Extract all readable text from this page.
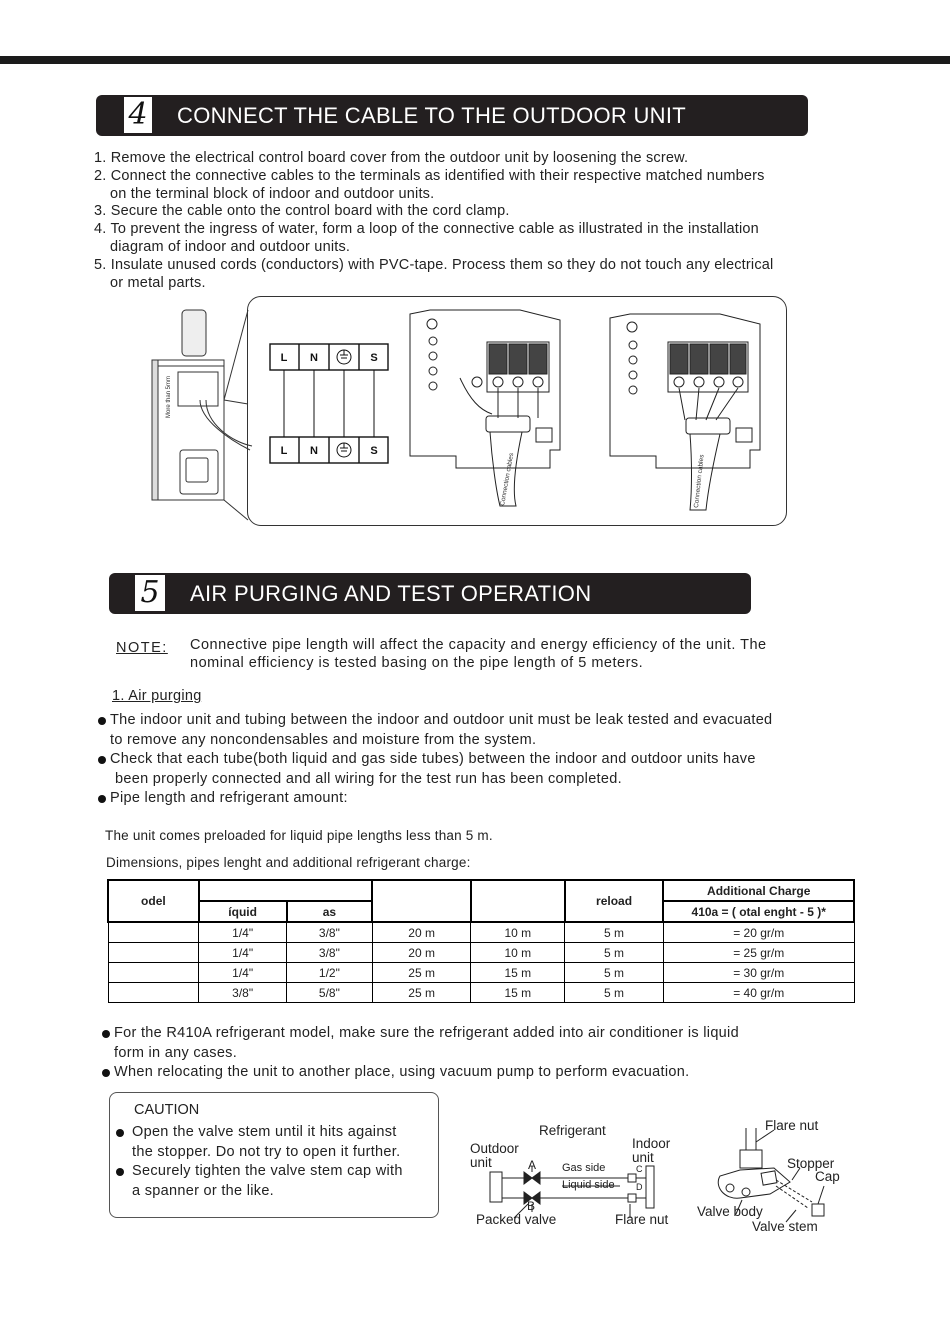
4 CONNECT THE CABLE TO THE OUTDOOR UNIT
1. Remove the electrical control board cover from the outdoor unit by loosening the screw.
2. Connect the connective cables to the terminals as identified with their respective matched numbers
on the terminal block of indoor and outdoor units.
3. Secure the cable onto the control board with the cord clamp.
4. To prevent the ingress of water, form a loop of the connective cable as illustrated in the installation
diagram of indoor and outdoor units.
5. Insulate unused cords (conductors) with PVC-tape. Process them so they do not touch any electrical
or metal parts.
More than 5mm
L N	S
L N	S
Connection cables	Connection cables
5 AIR PURGING AND TEST OPERATION
NOTE: Connective pipe length will affect the capacity and energy efficiency of the unit. The
nominal efficiency is tested basing on the pipe length of 5 meters.
1. Air purging
The indoor unit and tubing between the indoor and outdoor unit must be leak tested and evacuated
to remove any noncondensables and moisture from the system.
Check that each tube(both liquid and gas side tubes) between the indoor and outdoor units have
been properly connected and all wiring for the test run has been completed.
Pipe length and refrigerant amount:
The unit comes preloaded for liquid pipe lengths less than 5 m.
Dimensions, pipes lenght and additional refrigerant charge:
odel					reload	Additional Charge
	íquid	as				410a = ( otal enght - 5 )*
	1/4"	3/8"	20 m	10 m	5 m	= 20 gr/m
	1/4"	3/8"	20 m	10 m	5 m	= 25 gr/m
	1/4"	1/2"	25 m	15 m	5 m	= 30 gr/m
	3/8"	5/8"	25 m	15 m	5 m	= 40 gr/m
For the R410A refrigerant model, make sure the refrigerant added into air conditioner is liquid
form in any cases.
When relocating the unit to another place, using vacuum pump to perform evacuation.
CAUTION
Open the valve stem until it hits against
the stopper. Do not try to open it further.
Securely tighten the valve stem cap with
a spanner or the like.
Refrigerant
Outdoor
unit
Indoor
unit
A
B
C
D
Gas side
Liquid side
Packed valve	Flare nut
Flare nut
Stopper
Cap
Valve body
Valve stem
